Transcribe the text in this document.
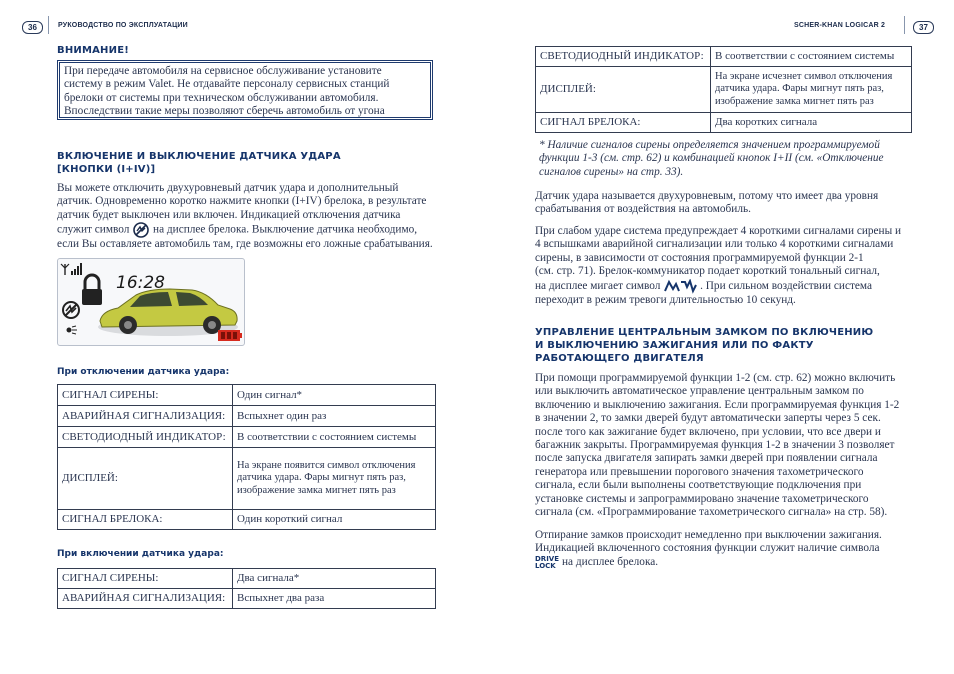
36	РУКОВОДСТВО ПО ЭКСПЛУАТАЦИИ
ВНИМАНИЕ!
При передаче автомобиля на сервисное обслуживание установите
систему в режим Valet. Не отдавайте персоналу сервисных станций
брелоки от системы при техническом обслуживании автомобиля.
Впоследствии такие меры позволяют сберечь автомобиль от угона
ВКЛЮЧЕНИЕ И ВЫКЛЮЧЕНИЕ ДАТЧИКА УДАРА
[КНОПКИ (I+IV)]
Вы можете отключить двухуровневый датчик удара и дополнительный
датчик. Одновременно коротко нажмите кнопки (I+IV) брелока, в результате
датчик будет выключен или включен. Индикацией отключения датчика
служит символ на дисплее брелока. Выключение датчика необходимо,
если Вы оставляете автомобиль там, где возможны его ложные срабатывания.
16:28
При отключении датчика удара:
СИГНАЛ СИРЕНЫ:	Один сигнал*
АВАРИЙНАЯ СИГНАЛИЗАЦИЯ:	Вспыхнет один раз
СВЕТОДИОДНЫЙ ИНДИКАТОР:	В соответствии с состоянием системы
ДИСПЛЕЙ:	На экране появится символ отключения датчика удара. Фары мигнут пять раз, изображение замка мигнет пять раз
СИГНАЛ БРЕЛОКА:	Один короткий сигнал
При включении датчика удара:
СИГНАЛ СИРЕНЫ:	Два сигнала*
АВАРИЙНАЯ СИГНАЛИЗАЦИЯ:	Вспыхнет два раза
SCHER-KHAN LOGICAR 2	37
СВЕТОДИОДНЫЙ ИНДИКАТОР:	В соответствии с состоянием системы
ДИСПЛЕЙ:	На экране исчезнет символ отключения датчика удара. Фары мигнут пять раз, изображение замка мигнет пять раз
СИГНАЛ БРЕЛОКА:	Два коротких сигнала
* Наличие сигналов сирены определяется значением программируемой
функции 1-3 (см. стр. 62) и комбинацией кнопок I+II (см. «Отключение
сигналов сирены» на стр. 33).
Датчик удара называется двухуровневым, потому что имеет два уровня
срабатывания от воздействия на автомобиль.
При слабом ударе система предупреждает 4 короткими сигналами сирены и
4 вспышками аварийной сигнализации или только 4 короткими сигналами
сирены, в зависимости от состояния программируемой функции 2-1
(см. стр. 71). Брелок-коммуникатор подает короткий тональный сигнал,
на дисплее мигает символ	. При сильном воздействии система
переходит в режим тревоги длительностью 10 секунд.
УПРАВЛЕНИЕ ЦЕНТРАЛЬНЫМ ЗАМКОМ ПО ВКЛЮЧЕНИЮ
И ВЫКЛЮЧЕНИЮ ЗАЖИГАНИЯ ИЛИ ПО ФАКТУ
РАБОТАЮЩЕГО ДВИГАТЕЛЯ
При помощи программируемой функции 1-2 (см. стр. 62) можно включить
или выключить автоматическое управление центральным замком по
включению и выключению зажигания. Если программируемая функция 1-2
в значении 2, то замки дверей будут автоматически заперты через 5 сек.
после того как зажигание будет включено, при условии, что все двери и
багажник закрыты. Программируемая функция 1-2 в значении 3 позволяет
после запуска двигателя запирать замки дверей при появлении сигнала
генератора или превышении порогового значения тахометрического
сигнала, если были выполнены соответствующие подключения при
установке системы и запрограммировано значение тахометрического
сигнала (см. «Программирование тахометрического сигнала» на стр. 58).
Отпирание замков происходит немедленно при выключении зажигания.
Индикацией включенного состояния функции служит наличие символа
DRIVE
LOCK на дисплее брелока.
